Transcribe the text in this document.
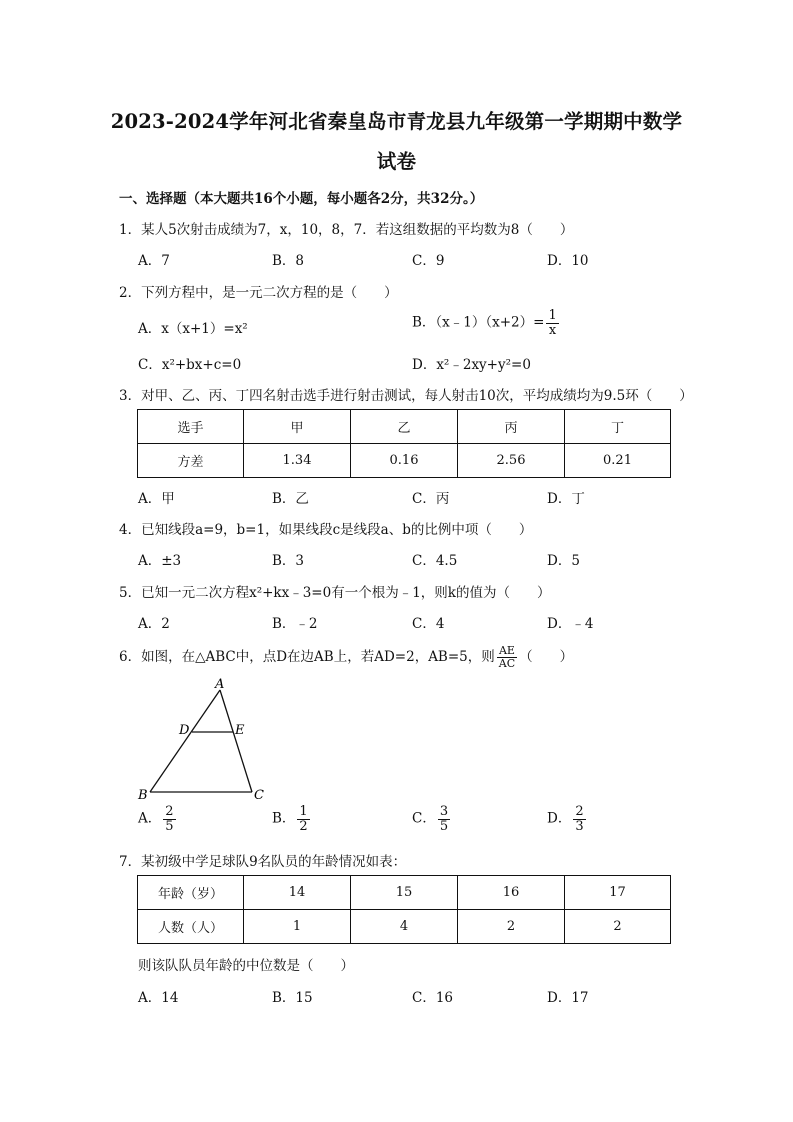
2023-2024学年河北省秦皇岛市青龙县九年级第一学期期中数学
试卷
一、选择题（本大题共16个小题，每小题各2分，共32分。）
1．某人5次射击成绩为7，x，10，8，7．若这组数据的平均数为8（　　）
A．7	B．8	C．9	D．10
2．下列方程中，是一元二次方程的是（　　）
A．x（x+1）=x²	B．（x﹣1）（x+2）= $\frac{1}{x}$
C．x²+bx+c=0	D．x²﹣2xy+y²=0
3．对甲、乙、丙、丁四名射击选手进行射击测试，每人射击10次，平均成绩均为9.5环（　　）
选手	甲	乙	丙	丁
方差	1.34	0.16	2.56	0.21
A．甲	B．乙	C．丙	D．丁
4．已知线段a=9，b=1，如果线段c是线段a、b的比例中项（　　）
A．±3	B．3	C．4.5	D．5
5．已知一元二次方程x²+kx﹣3=0有一个根为﹣1，则k的值为（　　）
A．2	B．﹣2	C．4	D．﹣4
6．如图，在△ABC中，点D在边AB上，若AD=2，AB=5，则 $\frac{AE}{AC}$ （　　）
A
D	E
B	C
A． $\frac{2}{5}$	B． $\frac{1}{2}$	C． $\frac{3}{5}$	D． $\frac{2}{3}$
7．某初级中学足球队9名队员的年龄情况如表：
年龄（岁）	14	15	16	17
人数（人）	1	4	2	2
则该队队员年龄的中位数是（　　）
A．14	B．15	C．16	D．17
